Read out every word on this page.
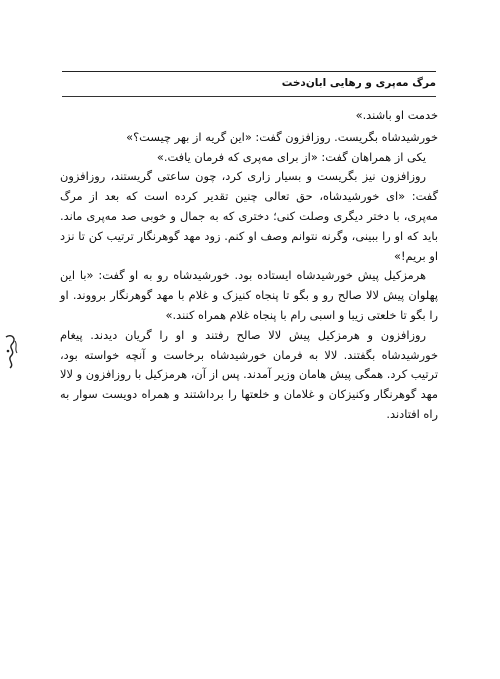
مرگ مه‌پری و رهایی ابان‌دخت

خدمت او باشند.»

خورشیدشاه بگریست. روزافزون گفت: «این گریه از بهر چیست؟»

یکی از همراهان گفت: «از برای مه‌پری که فرمان یافت.»

روزافزون نیز بگریست و بسیار زاری کرد، چون ساعتی گریستند، روزافزون گفت: «ای خورشیدشاه، حق تعالی چنین تقدیر کرده است که بعد از مرگ مه‌پری، با دختر دیگری وصلت کنی؛ دختری که به جمال و خوبی صد مه‌پری ماند. باید که او را ببینی، وگرنه نتوانم وصف او کنم. زود مهد گوهرنگار ترتیب کن تا نزد او بریم!»

هرمزکیل پیش خورشیدشاه ایستاده بود. خورشیدشاه رو به او گفت: «با این پهلوان پیش لالا صالح رو و بگو تا پنجاه کنیزک و غلام با مهد گوهرنگار برووند. او را بگو تا خلعتی زیبا و اسبی رام با پنجاه غلام همراه کنند.»

روزافزون و هرمزکیل پیش لالا صالح رفتند و او را گریان دیدند. پیغام خورشیدشاه بگفتند. لالا به فرمان خورشیدشاه برخاست و آنچه خواسته بود، ترتیب کرد. همگی پیش هامان وزیر آمدند. پس از آن، هرمزکیل با روزافزون و لالا مهد گوهرنگار وکنیزکان و غلامان و خلعتها را برداشتند و همراه دویست سوار به راه افتادند.
